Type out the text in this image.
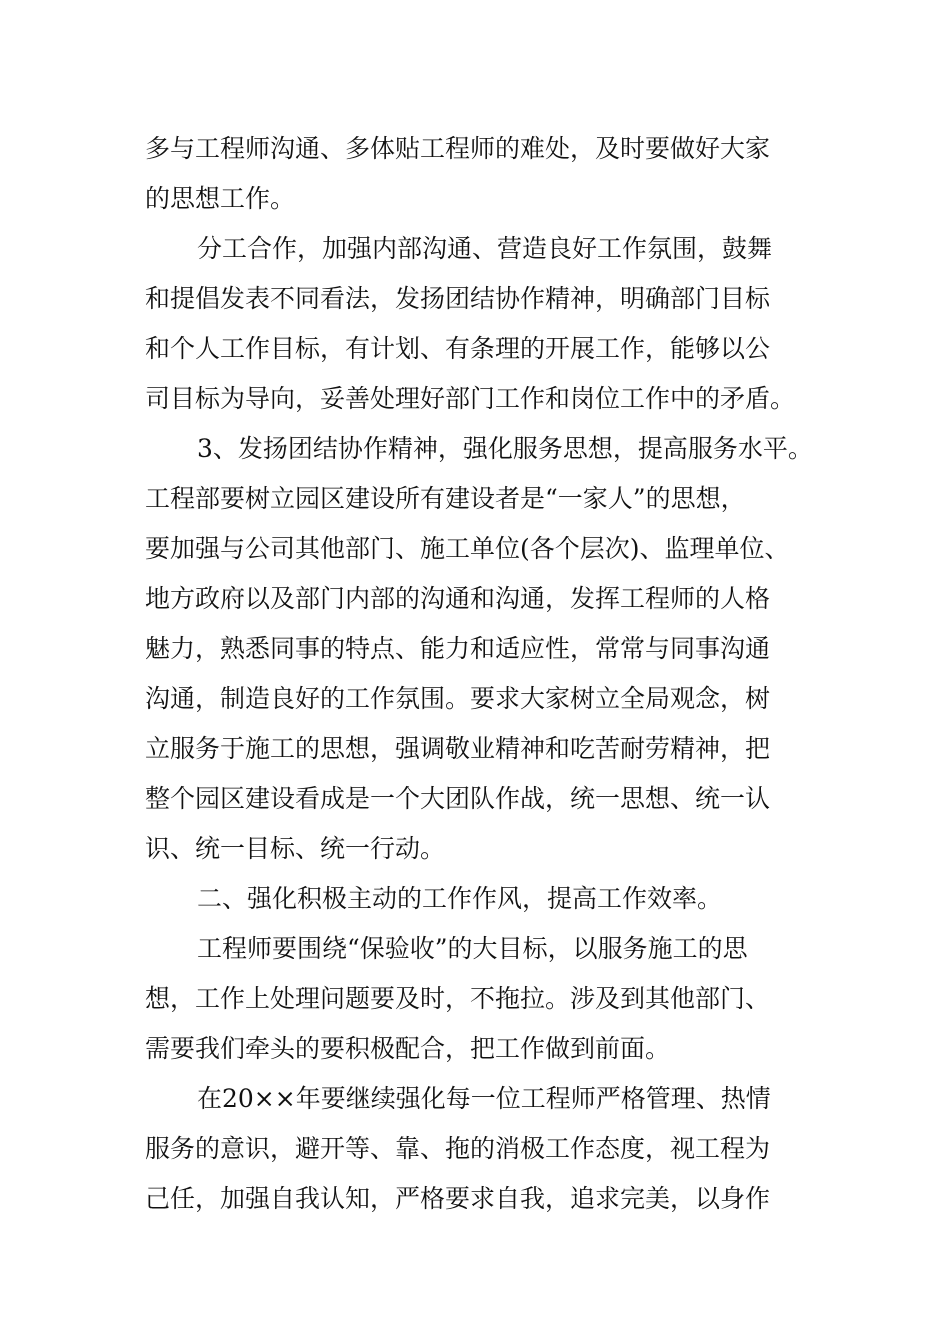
多与工程师沟通、多体贴工程师的难处，及时要做好大家
的思想工作。
分工合作，加强内部沟通、营造良好工作氛围，鼓舞
和提倡发表不同看法，发扬团结协作精神，明确部门目标
和个人工作目标，有计划、有条理的开展工作，能够以公
司目标为导向，妥善处理好部门工作和岗位工作中的矛盾。
3、发扬团结协作精神，强化服务思想，提高服务水平。
工程部要树立园区建设所有建设者是“一家人”的思想，
要加强与公司其他部门、施工单位(各个层次)、监理单位、
地方政府以及部门内部的沟通和沟通，发挥工程师的人格
魅力，熟悉同事的特点、能力和适应性，常常与同事沟通
沟通，制造良好的工作氛围。要求大家树立全局观念，树
立服务于施工的思想，强调敬业精神和吃苦耐劳精神，把
整个园区建设看成是一个大团队作战，统一思想、统一认
识、统一目标、统一行动。
二、强化积极主动的工作作风，提高工作效率。
工程师要围绕“保验收”的大目标，以服务施工的思
想，工作上处理问题要及时，不拖拉。涉及到其他部门、
需要我们牵头的要积极配合，把工作做到前面。
在20××年要继续强化每一位工程师严格管理、热情
服务的意识，避开等、靠、拖的消极工作态度，视工程为
己任，加强自我认知，严格要求自我，追求完美，以身作
